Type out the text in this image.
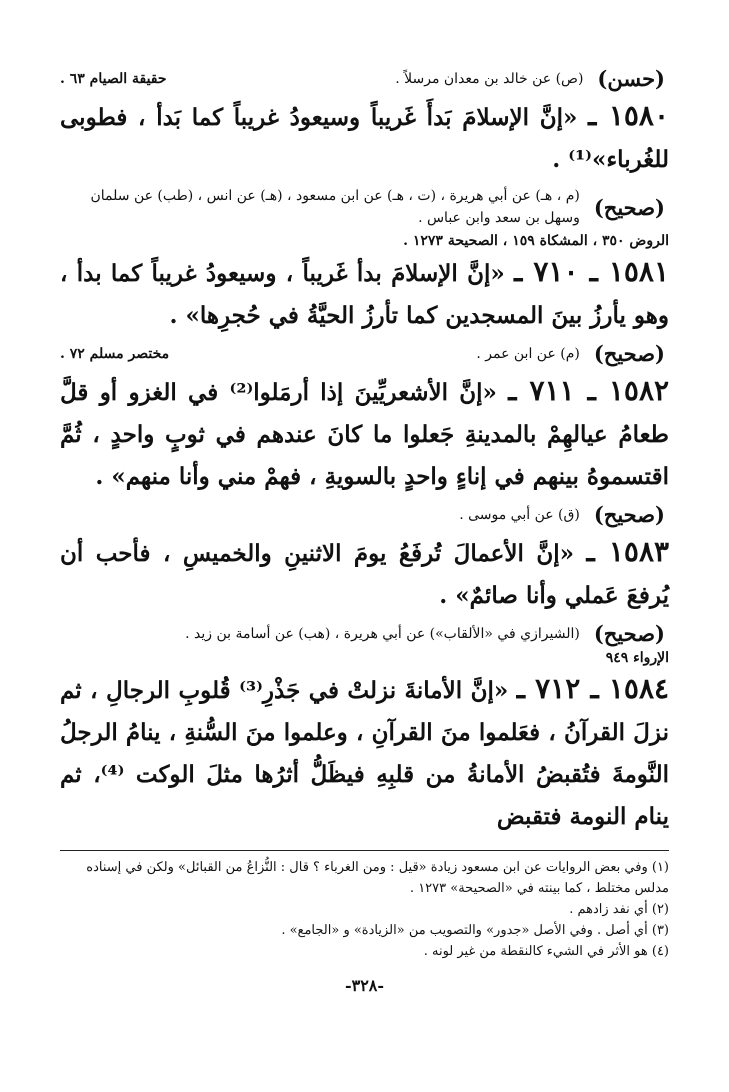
(حسن)
(ص) عن خالد بن معدان مرسلاً .
حقيقة الصيام ٦٣ .
١٥٨٠ ـ «إنَّ الإسلامَ بَدأَ غَريباً وسيعودُ غريباً كما بَدأ ، فطوبى للغُرباء»⁽¹⁾ .
(صحيح)
(م ، هـ) عن أبي هريرة ، (ت ، هـ) عن ابن مسعود ، (هـ) عن انس ، (طب) عن سلمان وسهل بن سعد وابن عباس .
الروض ٣٥٠ ، المشكاة ١٥٩ ، الصحيحة ١٢٧٣ .
١٥٨١ ـ ٧١٠ ـ «إنَّ الإسلامَ بدأ غَريباً ، وسيعودُ غريباً كما بدأ ، وهو يأرزُ بينَ المسجدين كما تأرزُ الحيَّةُ في حُجرِها» .
(صحيح)
(م) عن ابن عمر .
مختصر مسلم ٧٢ .
١٥٨٢ ـ ٧١١ ـ «إنَّ الأشعريِّينَ إذا أرمَلوا⁽²⁾ في الغزو أو قلَّ طعامُ عيالهِمْ بالمدينةِ جَعلوا ما كانَ عندهم في ثوبٍ واحدٍ ، ثُمَّ اقتسموهُ بينهم في إناءٍ واحدٍ بالسويةِ ، فهمْ مني وأنا منهم» .
(صحيح)
(ق) عن أبي موسى .
١٥٨٣ ـ «إنَّ الأعمالَ تُرفَعُ يومَ الاثنينِ والخميسِ ، فأحب أن يُرفعَ عَملي وأنا صائمٌ» .
(صحيح)
(الشيرازي في «الألقاب») عن أبي هريرة ، (هب) عن أسامة بن زيد .
الإرواء ٩٤٩
١٥٨٤ ـ ٧١٢ ـ «إنَّ الأمانةَ نزلتْ في جَذْرِ⁽³⁾ قُلوبِ الرجالِ ، ثم نزلَ القرآنُ ، فعَلموا منَ القرآنِ ، وعلموا منَ السُّنةِ ، ينامُ الرجلُ النَّومةَ فتُقبضُ الأمانةُ من قلبِهِ فيظَلُّ أثرُها مثلَ الوكت ⁽⁴⁾، ثم ينام النومة فتقبض
(١) وفي بعض الروايات عن ابن مسعود زيادة «قيل : ومن الغرباء ؟ قال : النُّزاعُ من القبائل» ولكن في إسناده مدلس مختلط ، كما بينته في «الصحيحة» ١٢٧٣ .
(٢) أي نفد زادهم .
(٣) أي أصل . وفي الأصل «جدور» والتصويب من «الزيادة» و «الجامع» .
(٤) هو الأثر في الشيء كالنقطة من غير لونه .
-٣٢٨-
